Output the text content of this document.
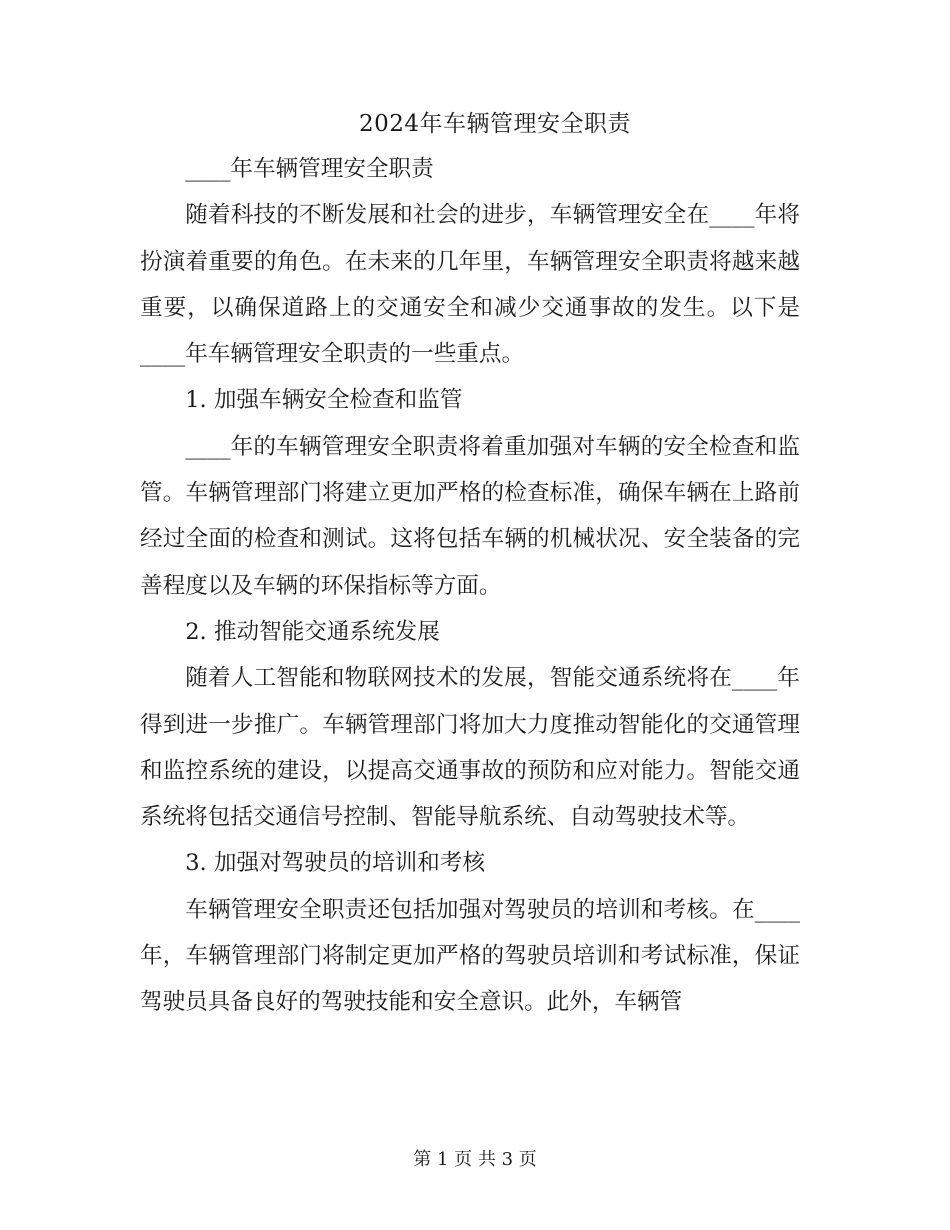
2024年车辆管理安全职责

____年车辆管理安全职责

随着科技的不断发展和社会的进步，车辆管理安全在____年将扮演着重要的角色。在未来的几年里，车辆管理安全职责将越来越重要，以确保道路上的交通安全和减少交通事故的发生。以下是____年车辆管理安全职责的一些重点。

1. 加强车辆安全检查和监管

____年的车辆管理安全职责将着重加强对车辆的安全检查和监管。车辆管理部门将建立更加严格的检查标准，确保车辆在上路前经过全面的检查和测试。这将包括车辆的机械状况、安全装备的完善程度以及车辆的环保指标等方面。

2. 推动智能交通系统发展

随着人工智能和物联网技术的发展，智能交通系统将在____年得到进一步推广。车辆管理部门将加大力度推动智能化的交通管理和监控系统的建设，以提高交通事故的预防和应对能力。智能交通系统将包括交通信号控制、智能导航系统、自动驾驶技术等。

3. 加强对驾驶员的培训和考核

车辆管理安全职责还包括加强对驾驶员的培训和考核。在____年，车辆管理部门将制定更加严格的驾驶员培训和考试标准，保证驾驶员具备良好的驾驶技能和安全意识。此外，车辆管

第 1 页 共 3 页
